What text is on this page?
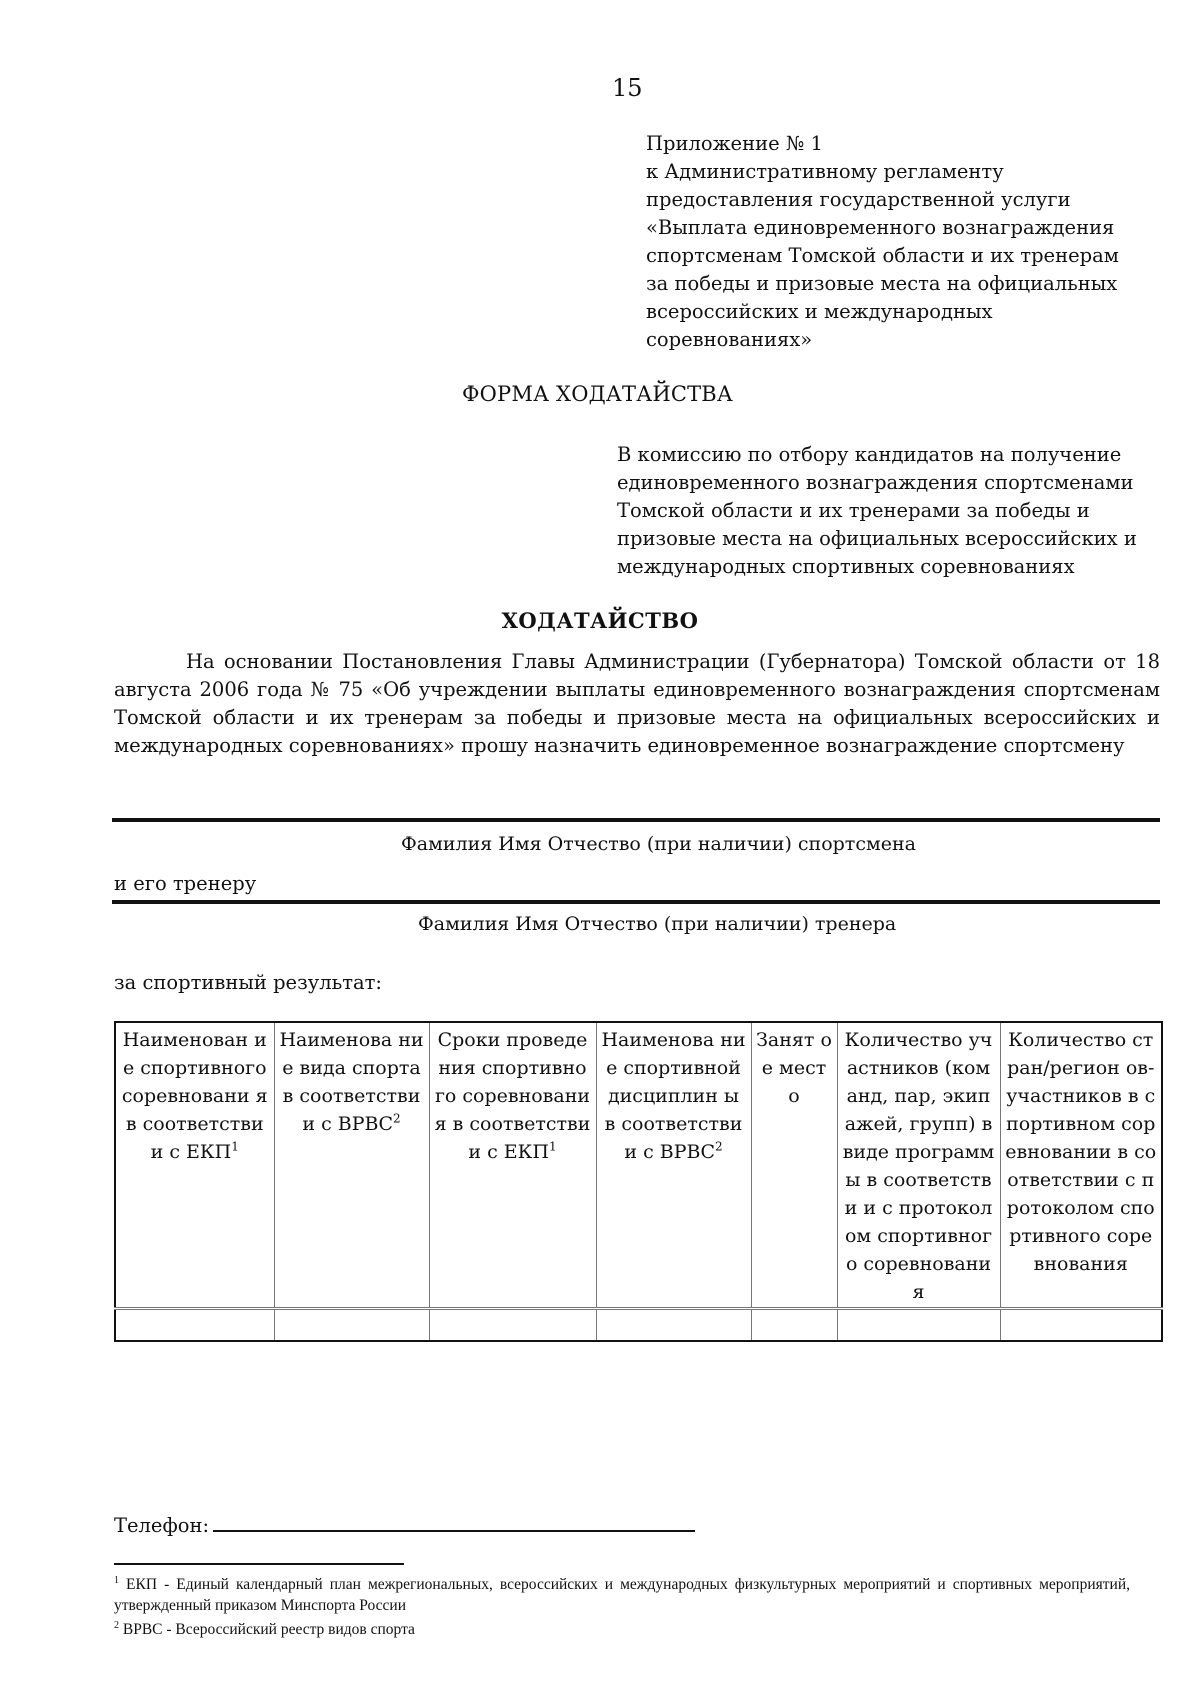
15
Приложение № 1
к Административному регламенту
предоставления государственной услуги
«Выплата единовременного вознаграждения
спортсменам Томской области и их тренерам
за победы и призовые места на официальных
всероссийских и международных
соревнованиях»
ФОРМА ХОДАТАЙСТВА
В комиссию по отбору кандидатов на получение
единовременного вознаграждения спортсменами
Томской области и их тренерами за победы и
призовые места на официальных всероссийских и
международных спортивных соревнованиях
ХОДАТАЙСТВО
На основании Постановления Главы Администрации (Губернатора) Томской области от 18
августа 2006 года № 75 «Об учреждении выплаты единовременного вознаграждения спортсменам
Томской области и их тренерам за победы и призовые места на официальных всероссийских и
международных соревнованиях» прошу назначить единовременное вознаграждение спортсмену
Фамилия Имя Отчество (при наличии) спортсмена
и его тренеру
Фамилия Имя Отчество (при наличии) тренера
за спортивный результат:
Наименован ие спортивного соревновани я в соответстви и с ЕКП$^1$	Наименова ние вида спорта в соответстви и с ВРВС$^2$	Сроки проведения спортивного соревновани я в соответствии с ЕКП$^1$	Наименова ние спортивной дисциплин ы в соответстви и с ВРВС$^2$	Занят ое мест о	Количество участников (команд, пар, экипажей, групп) в виде программы в соответстви и с протоколом спортивного соревновани я	Количество стран/регион ов- участников в спортивном соревновании в соответствии с протоколом спортивного соревнования

Телефон:
$^1$ ЕКП - Единый календарный план межрегиональных, всероссийских и международных физкультурных мероприятий и спортивных мероприятий, утвержденный приказом Минспорта России
$^2$ ВРВС - Всероссийский реестр видов спорта
